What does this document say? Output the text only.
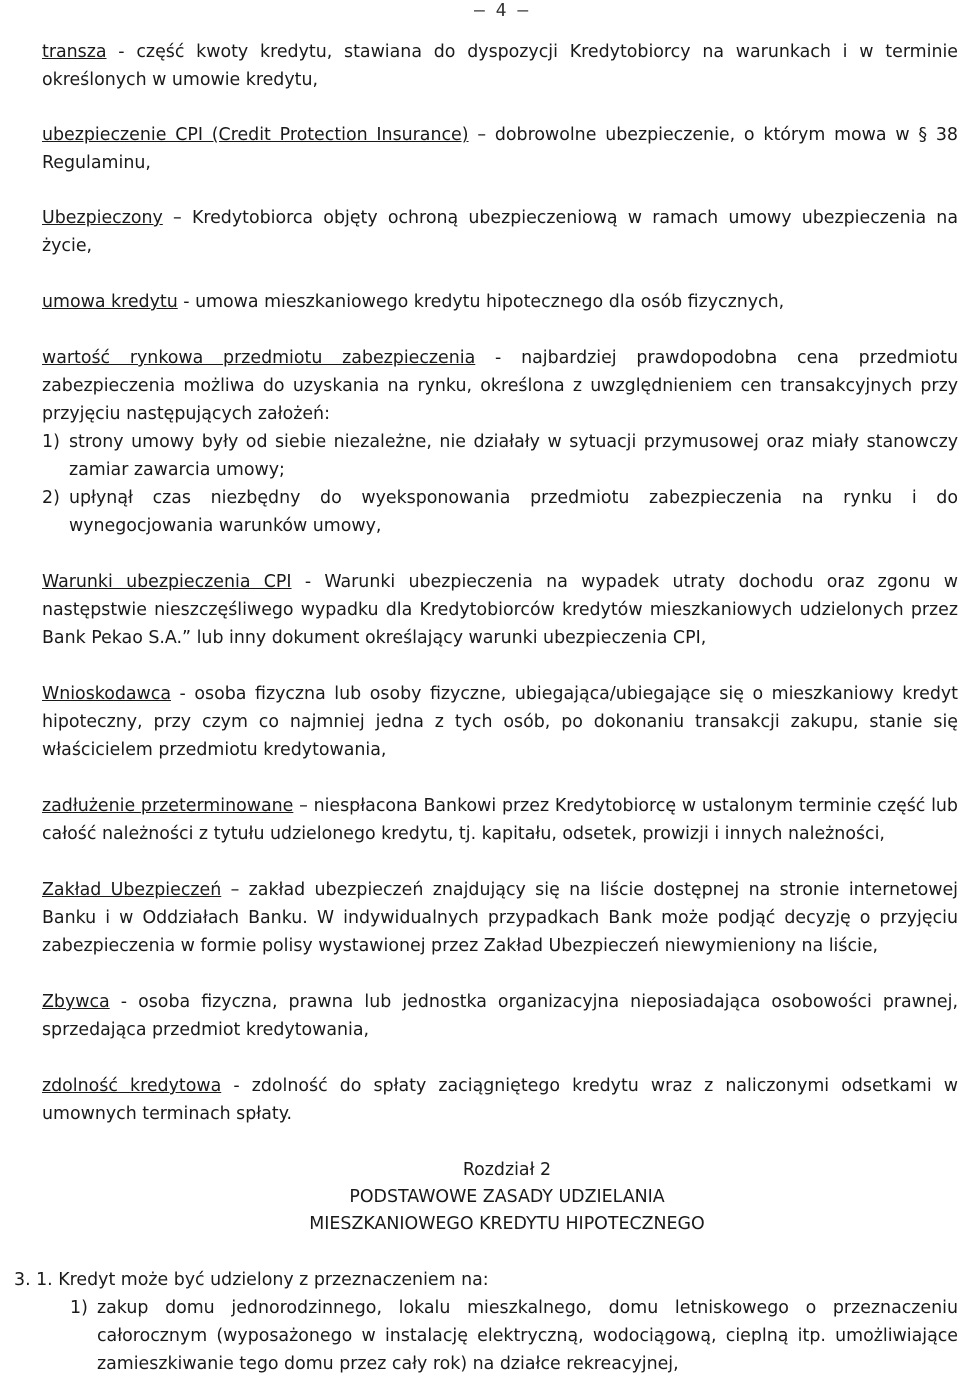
– 4 –

transza - część kwoty kredytu, stawiana do dyspozycji Kredytobiorcy na warunkach i w terminie określonych w umowie kredytu,

ubezpieczenie CPI (Credit Protection Insurance) – dobrowolne ubezpieczenie, o którym mowa w § 38 Regulaminu,

Ubezpieczony – Kredytobiorca objęty ochroną ubezpieczeniową w ramach umowy ubezpieczenia na życie,

umowa kredytu - umowa mieszkaniowego kredytu hipotecznego dla osób fizycznych,

wartość rynkowa przedmiotu zabezpieczenia - najbardziej prawdopodobna cena przedmiotu zabezpieczenia możliwa do uzyskania na rynku, określona z uwzględnieniem cen transakcyjnych przy przyjęciu następujących założeń:

1) strony umowy były od siebie niezależne, nie działały w sytuacji przymusowej oraz miały stanowczy zamiar zawarcia umowy;
2) upłynął czas niezbędny do wyeksponowania przedmiotu zabezpieczenia na rynku i do wynegocjowania warunków umowy,

Warunki ubezpieczenia CPI - Warunki ubezpieczenia na wypadek utraty dochodu oraz zgonu w następstwie nieszczęśliwego wypadku dla Kredytobiorców kredytów mieszkaniowych udzielonych przez Bank Pekao S.A.” lub inny dokument określający warunki ubezpieczenia CPI,

Wnioskodawca - osoba fizyczna lub osoby fizyczne, ubiegająca/ubiegające się o mieszkaniowy kredyt hipoteczny, przy czym co najmniej jedna z tych osób, po dokonaniu transakcji zakupu, stanie się właścicielem przedmiotu kredytowania,

zadłużenie przeterminowane – niespłacona Bankowi przez Kredytobiorcę w ustalonym terminie część lub całość należności z tytułu udzielonego kredytu, tj. kapitału, odsetek, prowizji i innych należności,

Zakład Ubezpieczeń – zakład ubezpieczeń znajdujący się na liście dostępnej na stronie internetowej Banku i w Oddziałach Banku. W indywidualnych przypadkach Bank może podjąć decyzję o przyjęciu zabezpieczenia w formie polisy wystawionej przez Zakład Ubezpieczeń niewymieniony na liście,

Zbywca - osoba fizyczna, prawna lub jednostka organizacyjna nieposiadająca osobowości prawnej, sprzedająca przedmiot kredytowania,

zdolność kredytowa - zdolność do spłaty zaciągniętego kredytu wraz z naliczonymi odsetkami w umownych terminach spłaty.

Rozdział 2
PODSTAWOWE ZASADY UDZIELANIA
MIESZKANIOWEGO KREDYTU HIPOTECZNEGO
3. 1. Kredyt może być udzielony z przeznaczeniem na:
1) zakup domu jednorodzinnego, lokalu mieszkalnego, domu letniskowego o przeznaczeniu całorocznym (wyposażonego w instalację elektryczną, wodociągową, cieplną itp. umożliwiające zamieszkiwanie tego domu przez cały rok) na działce rekreacyjnej,
